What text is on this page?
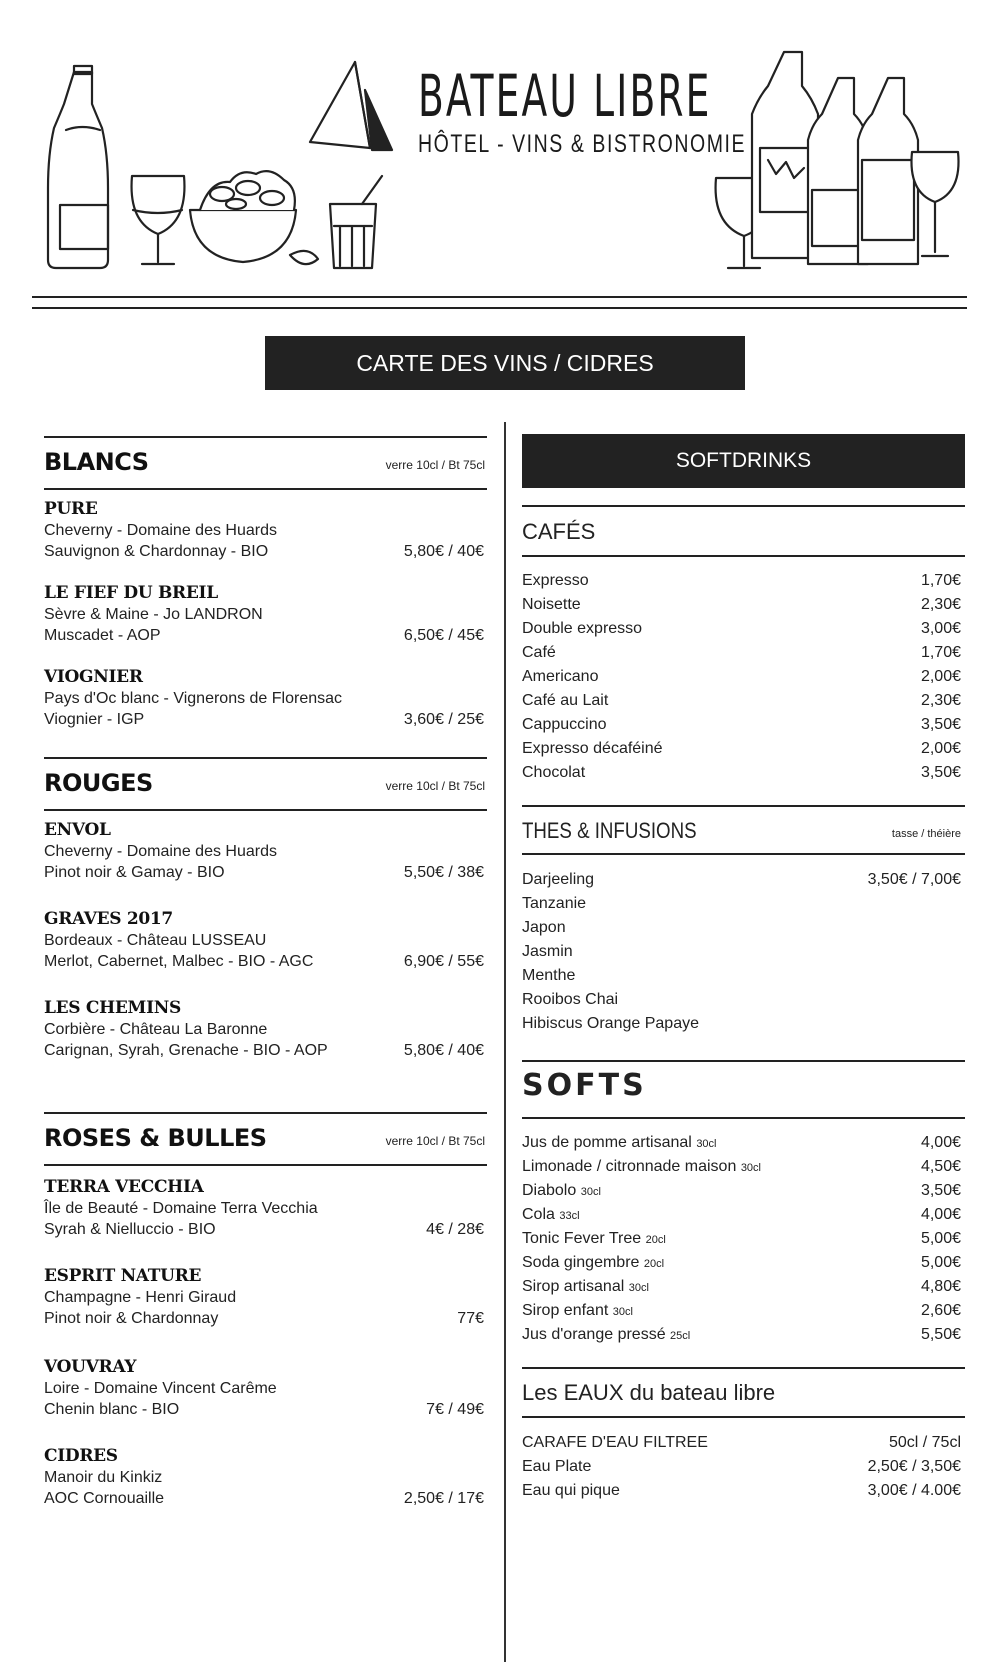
BATEAU LIBRE
HÔTEL - VINS & BISTRONOMIE
CARTE DES VINS / CIDRES
BLANCS	verre 10cl / Bt 75cl
PURE
Cheverny - Domaine des Huards
Sauvignon & Chardonnay - BIO	5,80€ / 40€
LE FIEF DU BREIL
Sèvre & Maine - Jo LANDRON
Muscadet - AOP	6,50€ / 45€
VIOGNIER
Pays d'Oc blanc - Vignerons de Florensac
Viognier - IGP	3,60€ / 25€
ROUGES	verre 10cl / Bt 75cl
ENVOL
Cheverny - Domaine des Huards
Pinot noir & Gamay - BIO	5,50€ / 38€
GRAVES 2017
Bordeaux - Château LUSSEAU
Merlot, Cabernet, Malbec - BIO - AGC	6,90€ / 55€
LES CHEMINS
Corbière - Château La Baronne
Carignan, Syrah, Grenache - BIO - AOP	5,80€ / 40€
ROSES & BULLES	verre 10cl / Bt 75cl
TERRA VECCHIA
Île de Beauté - Domaine Terra Vecchia
Syrah & Nielluccio - BIO	4€ / 28€
ESPRIT NATURE
Champagne - Henri Giraud
Pinot noir & Chardonnay	77€
VOUVRAY
Loire - Domaine Vincent Carême
Chenin blanc - BIO	7€ / 49€
CIDRES
Manoir du Kinkiz
AOC Cornouaille	2,50€ / 17€
SOFTDRINKS
CAFÉS
Expresso	1,70€
Noisette	2,30€
Double expresso	3,00€
Café	1,70€
Americano	2,00€
Café au Lait	2,30€
Cappuccino	3,50€
Expresso décaféiné	2,00€
Chocolat	3,50€
THES & INFUSIONS	tasse / théière
Darjeeling	3,50€ / 7,00€
Tanzanie
Japon
Jasmin
Menthe
Rooibos Chai
Hibiscus Orange Papaye
SOFTS
Jus de pomme artisanal 30cl	4,00€
Limonade / citronnade maison 30cl	4,50€
Diabolo 30cl	3,50€
Cola 33cl	4,00€
Tonic Fever Tree 20cl	5,00€
Soda gingembre 20cl	5,00€
Sirop artisanal 30cl	4,80€
Sirop enfant 30cl	2,60€
Jus d'orange pressé 25cl	5,50€
Les EAUX du bateau libre
CARAFE D'EAU FILTREE	50cl / 75cl
Eau Plate	2,50€ / 3,50€
Eau qui pique	3,00€ / 4.00€
